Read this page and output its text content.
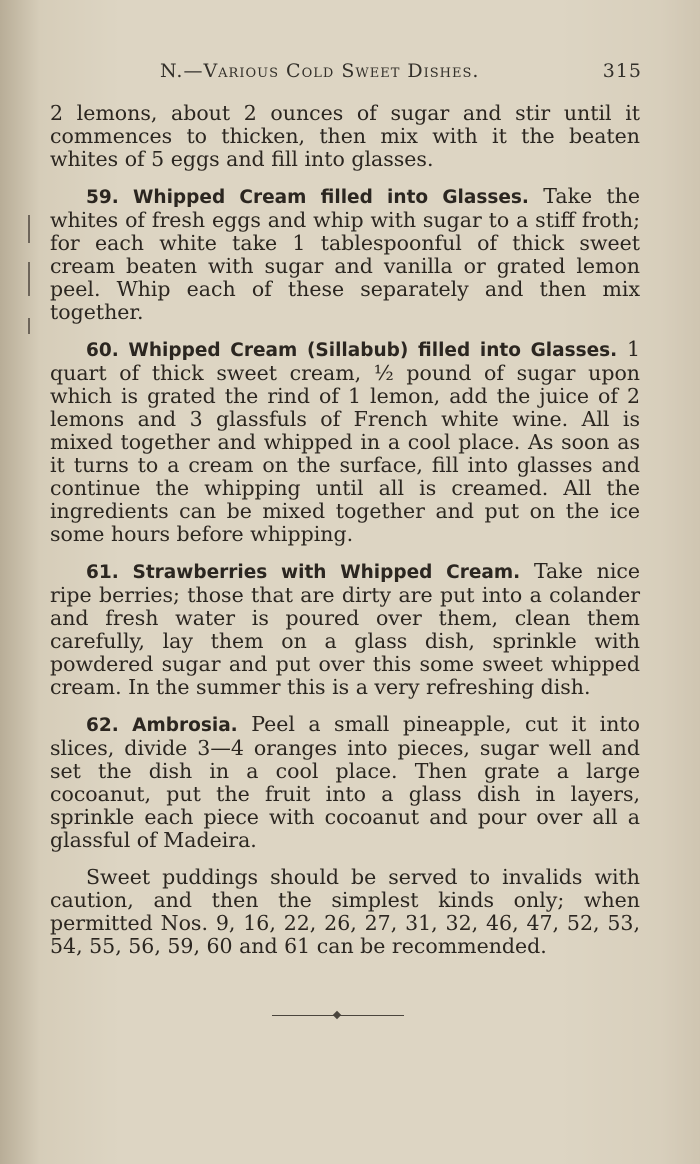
N.—Various Cold Sweet Dishes.	315

2 lemons, about 2 ounces of sugar and stir until it commences to thicken, then mix with it the beaten whites of 5 eggs and fill into glasses.

59. Whipped Cream filled into Glasses. Take the whites of fresh eggs and whip with sugar to a stiff froth; for each white take 1 tablespoonful of thick sweet cream beaten with sugar and vanilla or grated lemon peel. Whip each of these separately and then mix together.

60. Whipped Cream (Sillabub) filled into Glasses. 1 quart of thick sweet cream, ½ pound of sugar upon which is grated the rind of 1 lemon, add the juice of 2 lemons and 3 glassfuls of French white wine. All is mixed together and whipped in a cool place. As soon as it turns to a cream on the surface, fill into glasses and continue the whipping until all is creamed. All the ingredients can be mixed together and put on the ice some hours before whipping.

61. Strawberries with Whipped Cream. Take nice ripe berries; those that are dirty are put into a colander and fresh water is poured over them, clean them carefully, lay them on a glass dish, sprinkle with powdered sugar and put over this some sweet whipped cream. In the summer this is a very refreshing dish.

62. Ambrosia. Peel a small pineapple, cut it into slices, divide 3—4 oranges into pieces, sugar well and set the dish in a cool place. Then grate a large cocoanut, put the fruit into a glass dish in layers, sprinkle each piece with cocoanut and pour over all a glassful of Madeira.

Sweet puddings should be served to invalids with caution, and then the simplest kinds only; when permitted Nos. 9, 16, 22, 26, 27, 31, 32, 46, 47, 52, 53, 54, 55, 56, 59, 60 and 61 can be recommended.
